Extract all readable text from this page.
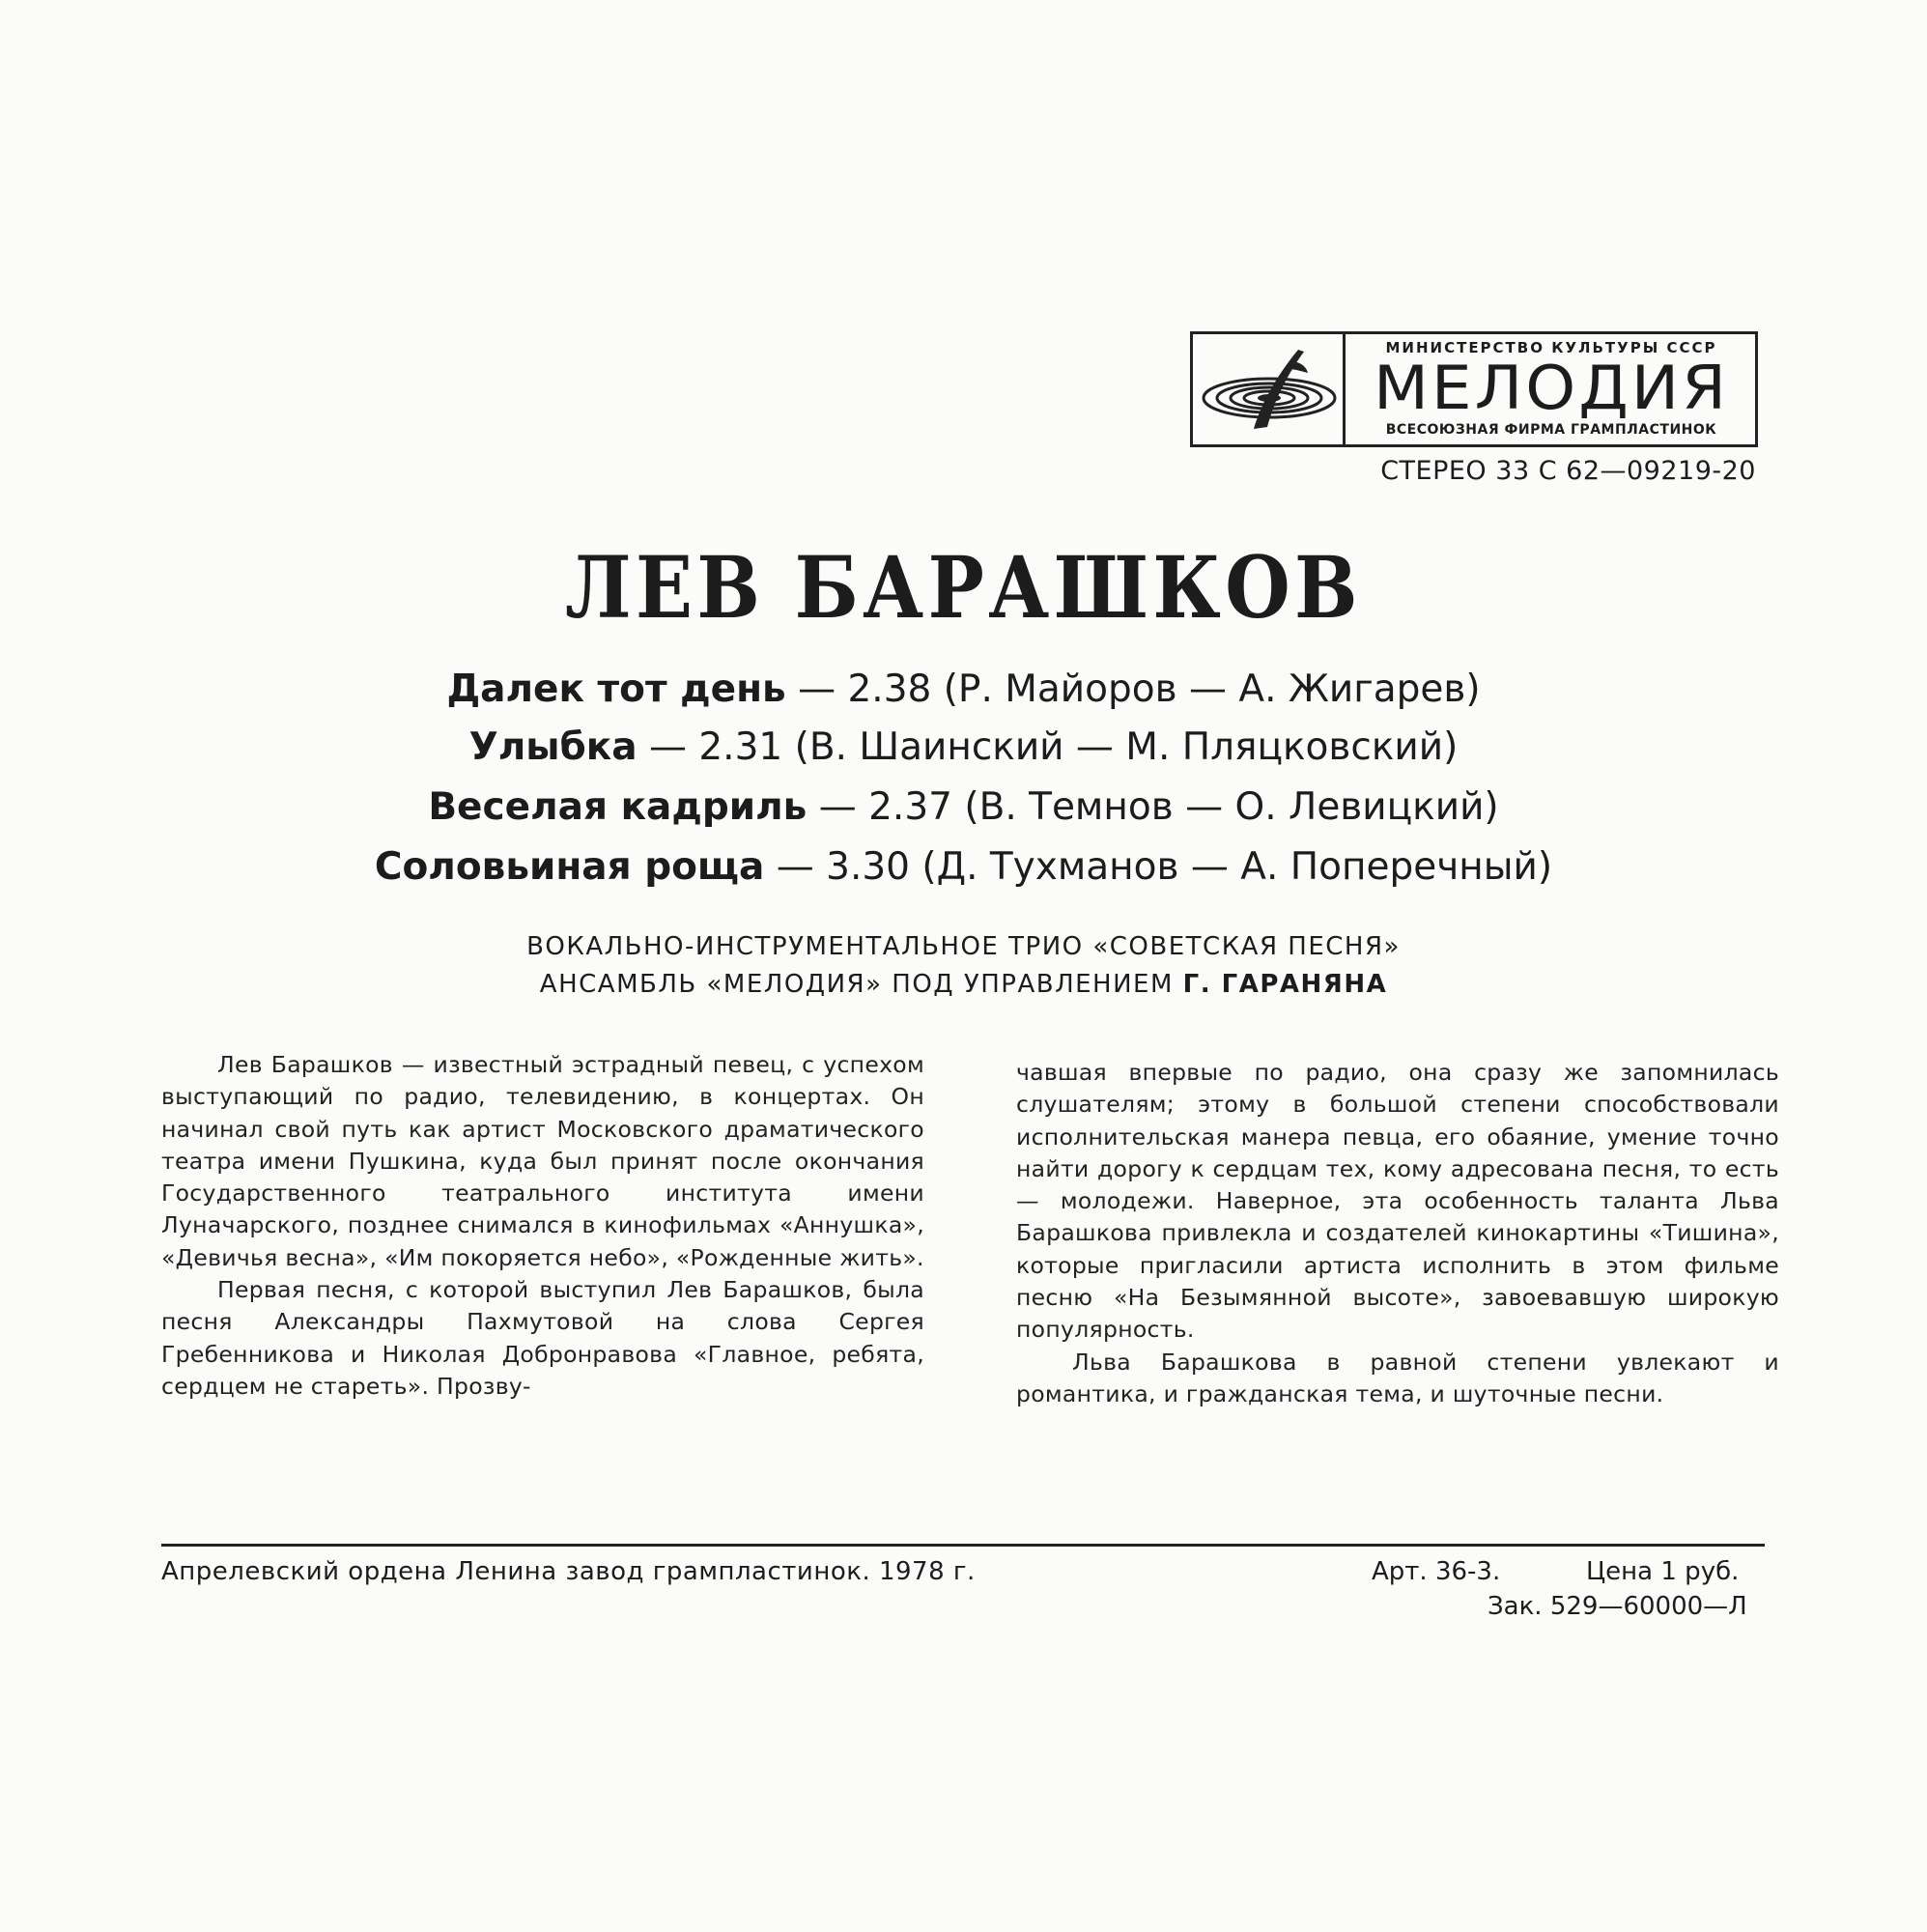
МИНИСТЕРСТВО КУЛЬТУРЫ СССР
МЕЛОДИЯ
ВСЕСОЮЗНАЯ ФИРМА ГРАМПЛАСТИНОК
СТЕРЕО 33 С 62—09219-20
ЛЕВ БАРАШКОВ
Далек тот день — 2.38 (Р. Майоров — А. Жигарев)
Улыбка — 2.31 (В. Шаинский — М. Пляцковский)
Веселая кадриль — 2.37 (В. Темнов — О. Левицкий)
Соловьиная роща — 3.30 (Д. Тухманов — А. Поперечный)
ВОКАЛЬНО-ИНСТРУМЕНТАЛЬНОЕ ТРИО «СОВЕТСКАЯ ПЕСНЯ»
АНСАМБЛЬ «МЕЛОДИЯ» ПОД УПРАВЛЕНИЕМ Г. ГАРАНЯНА

Лев Барашков — известный эстрадный певец, с успехом выступающий по радио, телевидению, в концертах. Он начинал свой путь как артист Московского драматического театра имени Пушкина, куда был принят после окончания Государственного театрального института имени Луначарского, позднее снимался в кинофильмах «Аннушка», «Девичья весна», «Им покоряется небо», «Рожденные жить».

Первая песня, с которой выступил Лев Барашков, была песня Александры Пахмутовой на слова Сергея Гребенникова и Николая Добронравова «Главное, ребята, сердцем не стареть». Прозву-

чавшая впервые по радио, она сразу же запомнилась слушателям; этому в большой степени способствовали исполнительская манера певца, его обаяние, умение точно найти дорогу к сердцам тех, кому адресована песня, то есть — молодежи. Наверное, эта особенность таланта Льва Барашкова привлекла и создателей кинокартины «Тишина», которые пригласили артиста исполнить в этом фильме песню «На Безымянной высоте», завоевавшую широкую популярность.

Льва Барашкова в равной степени увлекают и романтика, и гражданская тема, и шуточные песни.

Апрелевский ордена Ленина завод грампластинок. 1978 г.	Арт. 36-3.	Цена 1 руб.
Зак. 529—60000—Л
